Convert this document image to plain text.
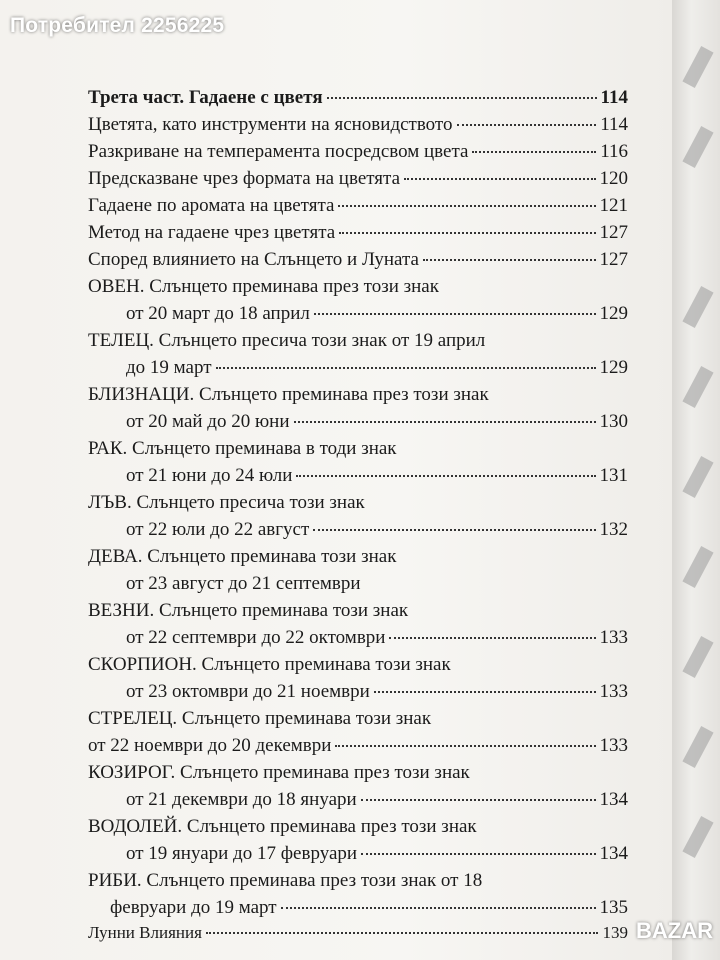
Потребител 2256225
BAZAR
Трета част. Гадаене с цветя	114
Цветята, като инструменти на ясновидството	114
Разкриване на темперамента посредсвом цвета	116
Предсказване чрез формата на цветята	120
Гадаене по аромата на цветята	121
Метод на гадаене чрез цветята	127
Според влиянието на Слънцето и Луната	127
ОВЕН. Слънцето преминава през този знак
от 20 март до 18 април	129
ТЕЛЕЦ. Слънцето пресича този знак от 19 април
до 19 март	129
БЛИЗНАЦИ. Слънцето преминава през този знак
от 20 май до 20 юни	130
РАК. Слънцето преминава в тоди знак
от 21 юни до 24 юли	131
ЛЪВ. Слънцето пресича този знак
от 22 юли до 22 август	132
ДЕВА. Слънцето преминава този знак
от 23 август до 21 септември
ВЕЗНИ. Слънцето преминава този знак
от 22 септември до 22 октомври	133
СКОРПИОН. Слънцето преминава този знак
от 23 октомври до 21 ноември	133
СТРЕЛЕЦ. Слънцето преминава този знак
от 22 ноември до 20 декември	133
КОЗИРОГ. Слънцето преминава през този знак
от 21 декември до 18 януари	134
ВОДОЛЕЙ. Слънцето преминава през този знак
от 19 януари до 17 февруари	134
РИБИ. Слънцето преминава през този знак от 18
февруари до 19 март	135
Лунни Влияния	139
